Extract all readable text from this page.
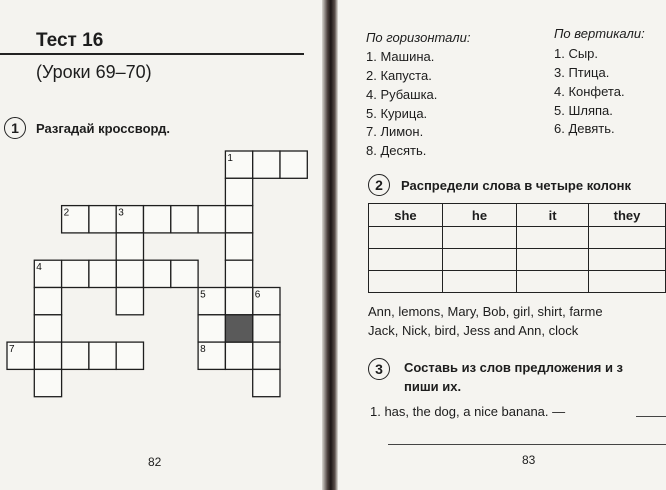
Тест 16
(Уроки 69–70)
1	Разгадай кроссворд.
1
2	3
4
5	6
7	8
82
По горизонтали:	По вертикали:
1. Машина.
2. Капуста.
4. Рубашка.
5. Курица.
7. Лимон.
8. Десять.
1. Сыр.
3. Птица.
4. Конфета.
5. Шляпа.
6. Девять.
2	Распредели слова в четыре колонк
Ann, lemons, Mary, Bob, girl, shirt, farme
Jack, Nick, bird, Jess and Ann, clock
3	Составь из слов предложения и з
пиши их.
1. has, the dog, a nice banana. —
83
she	he	it	they
